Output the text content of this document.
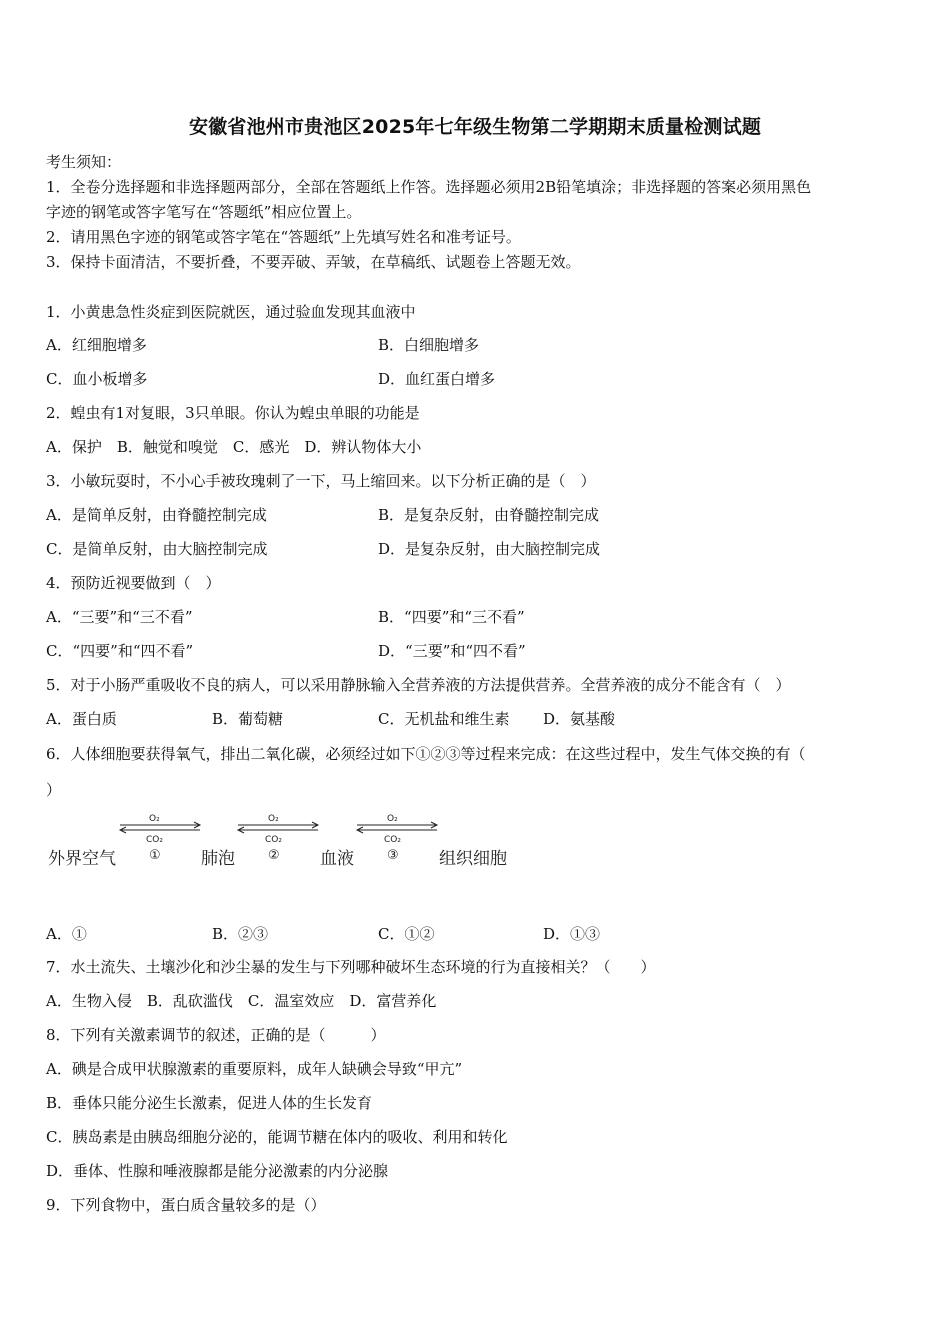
安徽省池州市贵池区2025年七年级生物第二学期期末质量检测试题
考生须知：
1．全卷分选择题和非选择题两部分，全部在答题纸上作答。选择题必须用2B铅笔填涂；非选择题的答案必须用黑色
字迹的钢笔或答字笔写在“答题纸”相应位置上。
2．请用黑色字迹的钢笔或答字笔在“答题纸”上先填写姓名和准考证号。
3．保持卡面清洁，不要折叠，不要弄破、弄皱，在草稿纸、试题卷上答题无效。
1．小黄患急性炎症到医院就医，通过验血发现其血液中
A．红细胞增多	B．白细胞增多
C．血小板增多	D．血红蛋白增多
2．蝗虫有1对复眼，3只单眼。你认为蝗虫单眼的功能是
A．保护　B．触觉和嗅觉　C．感光　D．辨认物体大小
3．小敏玩耍时，不小心手被玫瑰刺了一下，马上缩回来。以下分析正确的是（　）
A．是简单反射，由脊髓控制完成	B．是复杂反射，由脊髓控制完成
C．是简单反射，由大脑控制完成	D．是复杂反射，由大脑控制完成
4．预防近视要做到（　）
A．“三要”和“三不看”	B．“四要”和“三不看”
C．“四要”和“四不看”	D．“三要”和“四不看”
5．对于小肠严重吸收不良的病人，可以采用静脉输入全营养液的方法提供营养。全营养液的成分不能含有（　）
A．蛋白质	B．葡萄糖	C．无机盐和维生素 D．氨基酸
6．人体细胞要获得氧气，排出二氧化碳，必须经过如下①②③等过程来完成：在这些过程中，发生气体交换的有（
）
O₂
CO₂
①
O₂
CO₂
②
O₂
CO₂
③
外界空气	肺泡	血液	组织细胞
A．①	B．②③	C．①②	D．①③
7．水土流失、土壤沙化和沙尘暴的发生与下列哪种破坏生态环境的行为直接相关？（　　）
A．生物入侵　B．乱砍滥伐　C．温室效应　D．富营养化
8．下列有关激素调节的叙述，正确的是（　　　）
A．碘是合成甲状腺激素的重要原料，成年人缺碘会导致“甲亢”
B．垂体只能分泌生长激素，促进人体的生长发育
C．胰岛素是由胰岛细胞分泌的，能调节糖在体内的吸收、利用和转化
D．垂体、性腺和唾液腺都是能分泌激素的内分泌腺
9．下列食物中，蛋白质含量较多的是（）
